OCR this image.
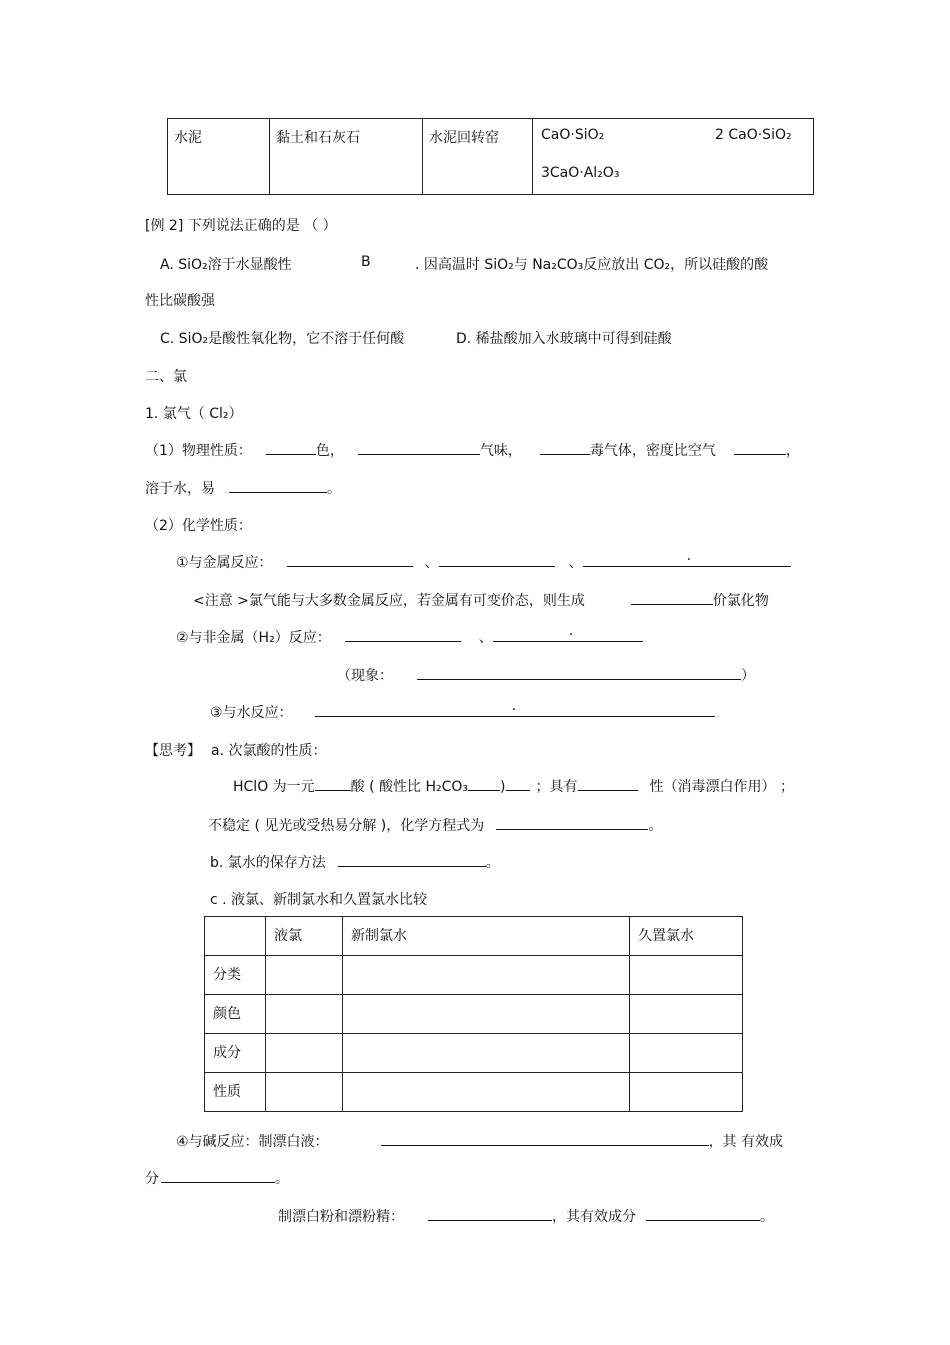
水泥	黏土和石灰石	水泥回转窑	CaO·SiO₂	2 CaO·SiO₂
3CaO·Al₂O₃
[例 2] 下列说法正确的是 （ ）
A. SiO₂溶于水显酸性	B	. 因高温时 SiO₂与 Na₂CO₃反应放出 CO₂，所以硅酸的酸
性比碳酸强
C. SiO₂是酸性氧化物，它不溶于任何酸	D. 稀盐酸加入水玻璃中可得到硅酸
二、氯
1. 氯气（ Cl₂）
（1）物理性质：	色，	气味，	毒气体，密度比空气	，
溶于水，易	。
（2）化学性质：
①与金属反应：	、	、	.
<注意 >氯气能与大多数金属反应，若金属有可变价态，则生成	价氯化物
②与非金属（H₂）反应：	、	.
（现象：	）
③与水反应：	.
【思考】 a. 次氯酸的性质：
HClO 为一元	酸 ( 酸性比 H₂CO₃ ) ；具有	性（消毒漂白作用） ；
不稳定 ( 见光或受热易分解 )，化学方程式为	。
b. 氯水的保存方法	。
c . 液氯、新制氯水和久置氯水比较
	液氯	新制氯水	久置氯水
分类			
颜色			
成分			
性质			
④与碱反应：制漂白液：	，其 有效成
分	。
制漂白粉和漂粉精：	，其有效成分	。
